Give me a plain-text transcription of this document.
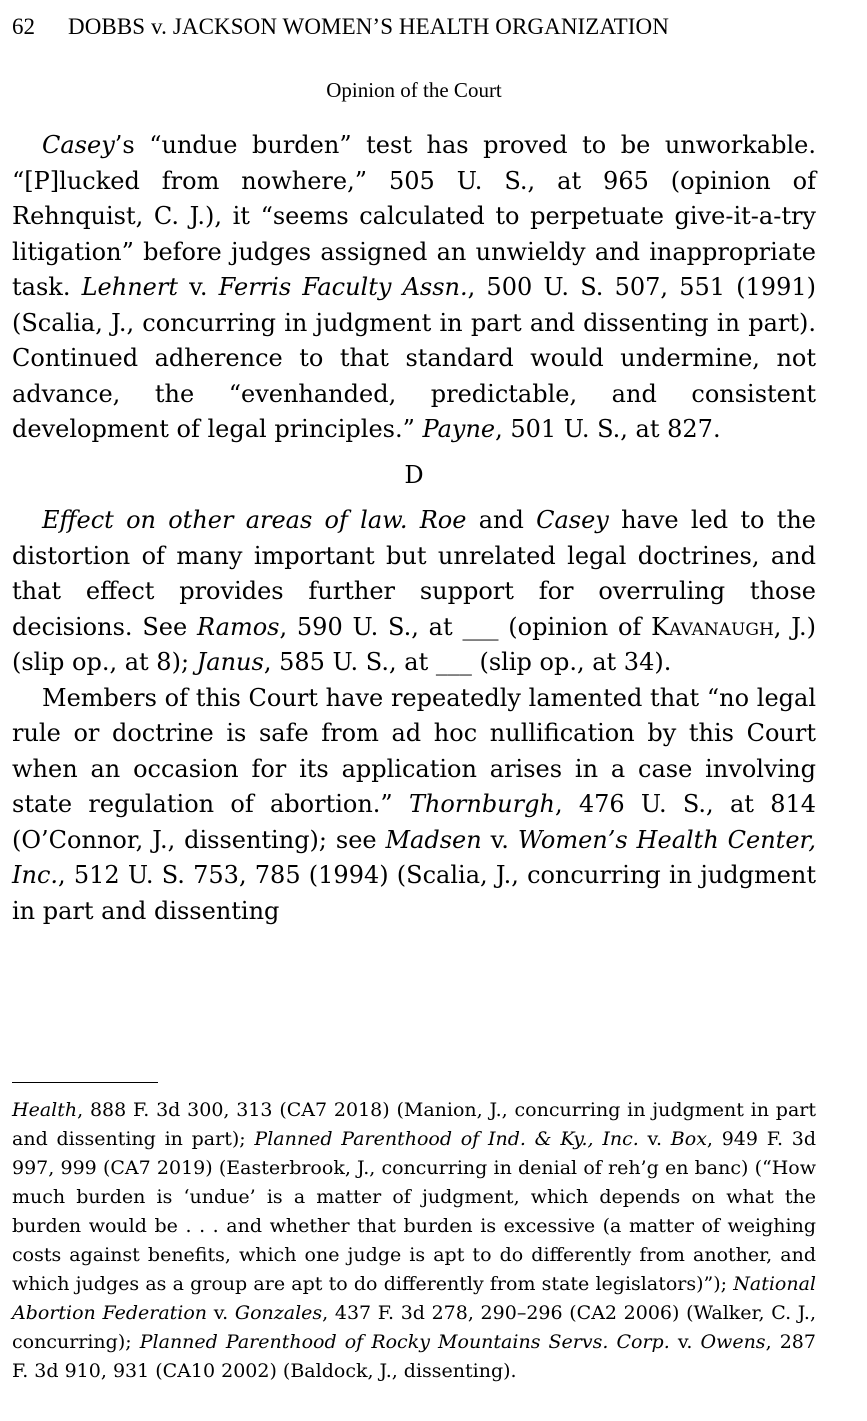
62 DOBBS v. JACKSON WOMEN’S HEALTH ORGANIZATION
Opinion of the Court

Casey’s “undue burden” test has proved to be unworkable. “[P]lucked from nowhere,” 505 U. S., at 965 (opinion of Rehnquist, C. J.), it “seems calculated to perpetuate give-it-a-try litigation” before judges assigned an unwieldy and inappropriate task. Lehnert v. Ferris Faculty Assn., 500 U. S. 507, 551 (1991) (Scalia, J., concurring in judgment in part and dissenting in part). Continued adherence to that standard would undermine, not advance, the “evenhanded, predictable, and consistent development of legal principles.” Payne, 501 U. S., at 827.

D

Effect on other areas of law. Roe and Casey have led to the distortion of many important but unrelated legal doctrines, and that effect provides further support for overruling those decisions. See Ramos, 590 U. S., at ___ (opinion of Kavanaugh, J.) (slip op., at 8); Janus, 585 U. S., at ___ (slip op., at 34).

Members of this Court have repeatedly lamented that “no legal rule or doctrine is safe from ad hoc nullification by this Court when an occasion for its application arises in a case involving state regulation of abortion.” Thornburgh, 476 U. S., at 814 (O’Connor, J., dissenting); see Madsen v. Women’s Health Center, Inc., 512 U. S. 753, 785 (1994) (Scalia, J., concurring in judgment in part and dissenting

Health, 888 F. 3d 300, 313 (CA7 2018) (Manion, J., concurring in judgment in part and dissenting in part); Planned Parenthood of Ind. & Ky., Inc. v. Box, 949 F. 3d 997, 999 (CA7 2019) (Easterbrook, J., concurring in denial of reh’g en banc) (“How much burden is ‘undue’ is a matter of judgment, which depends on what the burden would be . . . and whether that burden is excessive (a matter of weighing costs against benefits, which one judge is apt to do differently from another, and which judges as a group are apt to do differently from state legislators)”); National Abortion Federation v. Gonzales, 437 F. 3d 278, 290–296 (CA2 2006) (Walker, C. J., concurring); Planned Parenthood of Rocky Mountains Servs. Corp. v. Owens, 287 F. 3d 910, 931 (CA10 2002) (Baldock, J., dissenting).
